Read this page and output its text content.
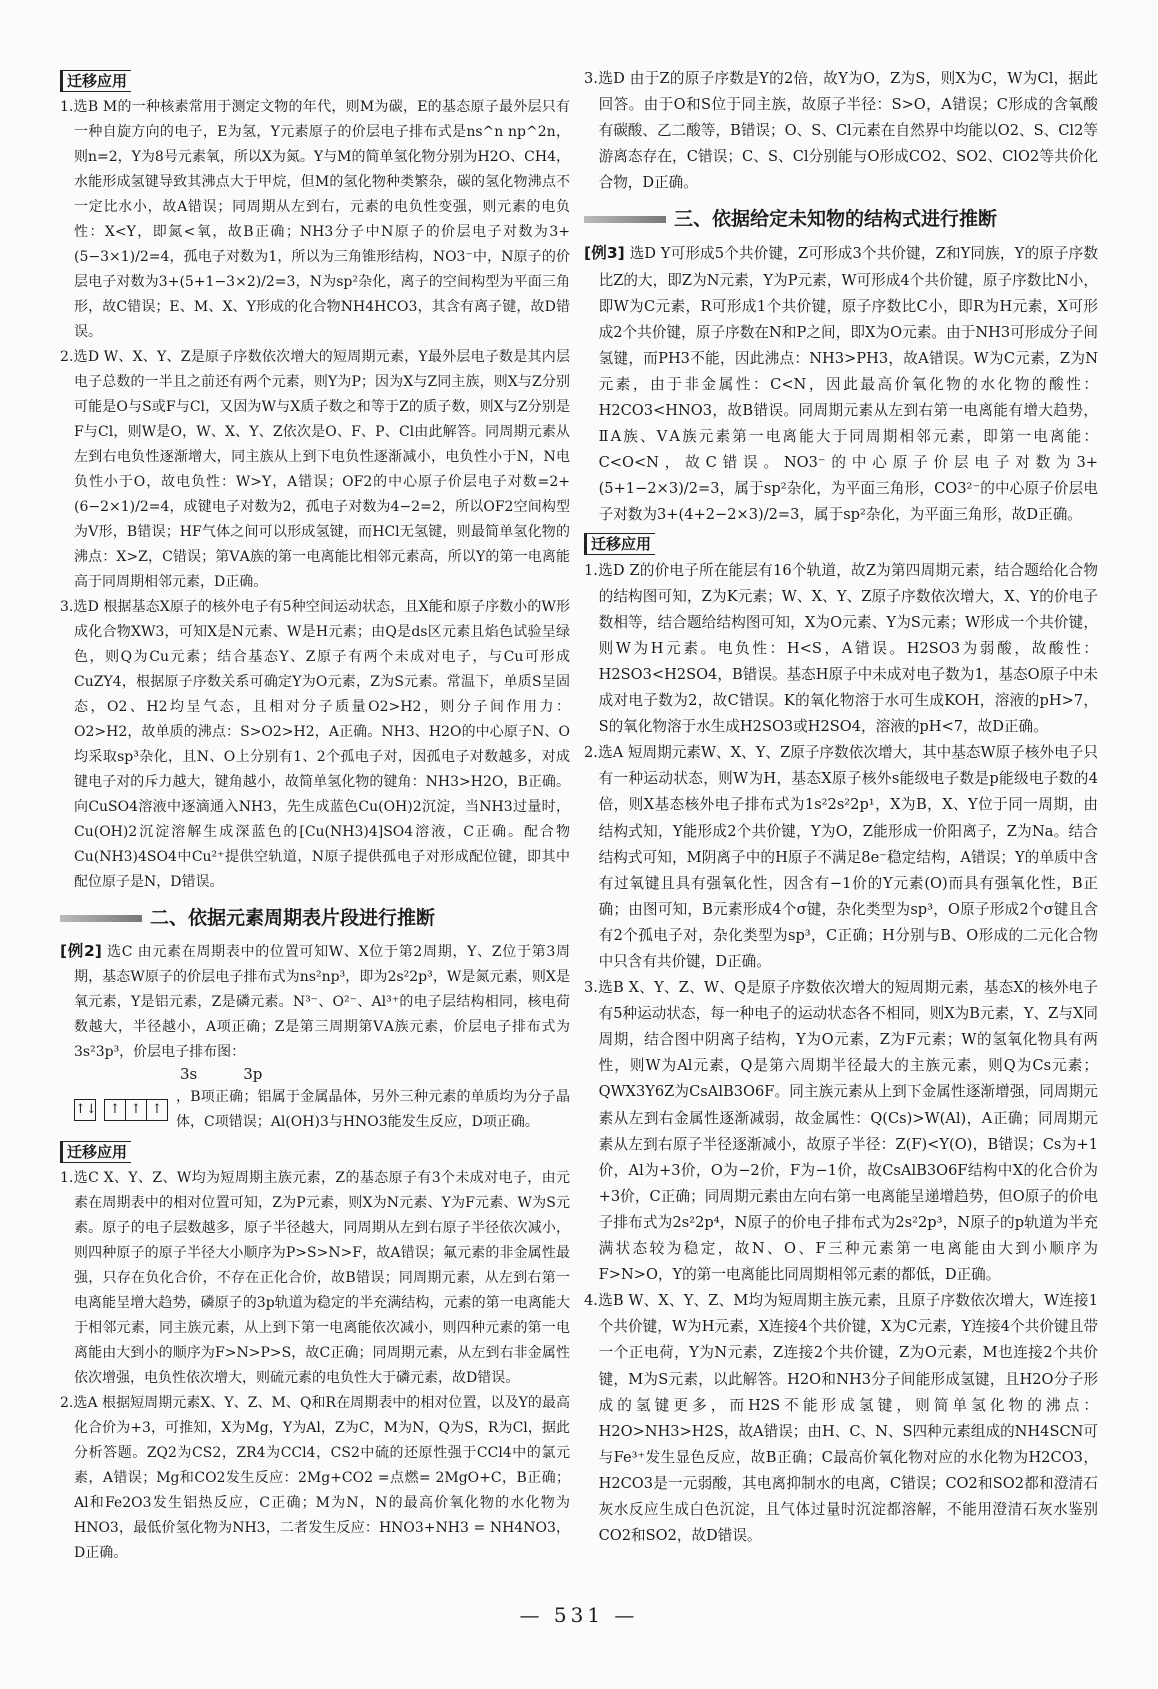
迁移应用

1.选B M的一种核素常用于测定文物的年代，则M为碳，E的基态原子最外层只有一种自旋方向的电子，E为氢，Y元素原子的价层电子排布式是ns^n np^2n，则n=2，Y为8号元素氧，所以X为氮。Y与M的简单氢化物分别为H2O、CH4，水能形成氢键导致其沸点大于甲烷，但M的氢化物种类繁杂，碳的氢化物沸点不一定比水小，故A错误；同周期从左到右，元素的电负性变强，则元素的电负性：X<Y，即氮<氧，故B正确；NH3分子中N原子的价层电子对数为3+(5−3×1)/2=4，孤电子对数为1，所以为三角锥形结构，NO3⁻中，N原子的价层电子对数为3+(5+1−3×2)/2=3，N为sp²杂化，离子的空间构型为平面三角形，故C错误；E、M、X、Y形成的化合物NH4HCO3，其含有离子键，故D错误。

2.选D W、X、Y、Z是原子序数依次增大的短周期元素，Y最外层电子数是其内层电子总数的一半且之前还有两个元素，则Y为P；因为X与Z同主族，则X与Z分别可能是O与S或F与Cl，又因为W与X质子数之和等于Z的质子数，则X与Z分别是F与Cl，则W是O，W、X、Y、Z依次是O、F、P、Cl由此解答。同周期元素从左到右电负性逐渐增大，同主族从上到下电负性逐渐减小，电负性小于N，N电负性小于O，故电负性：W>Y，A错误；OF2的中心原子价层电子对数=2+(6−2×1)/2=4，成键电子对数为2，孤电子对数为4−2=2，所以OF2空间构型为V形，B错误；HF气体之间可以形成氢键，而HCl无氢键，则最简单氢化物的沸点：X>Z，C错误；第ⅤA族的第一电离能比相邻元素高，所以Y的第一电离能高于同周期相邻元素，D正确。

3.选D 根据基态X原子的核外电子有5种空间运动状态，且X能和原子序数小的W形成化合物XW3，可知X是N元素、W是H元素；由Q是ds区元素且焰色试验呈绿色，则Q为Cu元素；结合基态Y、Z原子有两个未成对电子，与Cu可形成CuZY4，根据原子序数关系可确定Y为O元素，Z为S元素。常温下，单质S呈固态，O2、H2均呈气态，且相对分子质量O2>H2，则分子间作用力：O2>H2，故单质的沸点：S>O2>H2，A正确。NH3、H2O的中心原子N、O均采取sp³杂化，且N、O上分别有1、2个孤电子对，因孤电子对数越多，对成键电子对的斥力越大，键角越小，故简单氢化物的键角：NH3>H2O，B正确。向CuSO4溶液中逐滴通入NH3，先生成蓝色Cu(OH)2沉淀，当NH3过量时，Cu(OH)2沉淀溶解生成深蓝色的[Cu(NH3)4]SO4溶液，C正确。配合物Cu(NH3)4SO4中Cu²⁺提供空轨道，N原子提供孤电子对形成配位键，即其中配位原子是N，D错误。

二、依据元素周期表片段进行推断

[例2] 选C 由元素在周期表中的位置可知W、X位于第2周期，Y、Z位于第3周期，基态W原子的价层电子排布式为ns²np³，即为2s²2p³，W是氮元素，则X是氧元素，Y是铝元素，Z是磷元素。N³⁻、O²⁻、Al³⁺的电子层结构相同，核电荷数越大，半径越小，A项正确；Z是第三周期第ⅤA族元素，价层电子排布式为3s²3p³，价层电子排布图：

3s	3p
↑↓ ↑ ↑ ↑
，B项正确；铝属于金属晶体，另外三种元素的单质均为分子晶体，C项错误；Al(OH)3与HNO3能发生反应，D项正确。
迁移应用

1.选C X、Y、Z、W均为短周期主族元素，Z的基态原子有3个未成对电子，由元素在周期表中的相对位置可知，Z为P元素，则X为N元素、Y为F元素、W为S元素。原子的电子层数越多，原子半径越大，同周期从左到右原子半径依次减小，则四种原子的原子半径大小顺序为P>S>N>F，故A错误；氟元素的非金属性最强，只存在负化合价，不存在正化合价，故B错误；同周期元素，从左到右第一电离能呈增大趋势，磷原子的3p轨道为稳定的半充满结构，元素的第一电离能大于相邻元素，同主族元素，从上到下第一电离能依次减小，则四种元素的第一电离能由大到小的顺序为F>N>P>S，故C正确；同周期元素，从左到右非金属性依次增强，电负性依次增大，则硫元素的电负性大于磷元素，故D错误。

2.选A 根据短周期元素X、Y、Z、M、Q和R在周期表中的相对位置，以及Y的最高化合价为+3，可推知，X为Mg，Y为Al，Z为C，M为N，Q为S，R为Cl，据此分析答题。ZQ2为CS2，ZR4为CCl4，CS2中硫的还原性强于CCl4中的氯元素，A错误；Mg和CO2发生反应：2Mg+CO2 =点燃= 2MgO+C，B正确；Al和Fe2O3发生铝热反应，C正确；M为N，N的最高价氧化物的水化物为HNO3，最低价氢化物为NH3，二者发生反应：HNO3+NH3 = NH4NO3，D正确。

3.选D 由于Z的原子序数是Y的2倍，故Y为O，Z为S，则X为C，W为Cl，据此回答。由于O和S位于同主族，故原子半径：S>O，A错误；C形成的含氧酸有碳酸、乙二酸等，B错误；O、S、Cl元素在自然界中均能以O2、S、Cl2等游离态存在，C错误；C、S、Cl分别能与O形成CO2、SO2、ClO2等共价化合物，D正确。

三、依据给定未知物的结构式进行推断

[例3] 选D Y可形成5个共价键，Z可形成3个共价键，Z和Y同族，Y的原子序数比Z的大，即Z为N元素，Y为P元素，W可形成4个共价键，原子序数比N小，即W为C元素，R可形成1个共价键，原子序数比C小，即R为H元素，X可形成2个共价键，原子序数在N和P之间，即X为O元素。由于NH3可形成分子间氢键，而PH3不能，因此沸点：NH3>PH3，故A错误。W为C元素，Z为N元素，由于非金属性：C<N，因此最高价氧化物的水化物的酸性：H2CO3<HNO3，故B错误。同周期元素从左到右第一电离能有增大趋势，ⅡA族、ⅤA族元素第一电离能大于同周期相邻元素，即第一电离能：C<O<N，故C错误。NO3⁻的中心原子价层电子对数为3+(5+1−2×3)/2=3，属于sp²杂化，为平面三角形，CO3²⁻的中心原子价层电子对数为3+(4+2−2×3)/2=3，属于sp²杂化，为平面三角形，故D正确。

迁移应用

1.选D Z的价电子所在能层有16个轨道，故Z为第四周期元素，结合题给化合物的结构图可知，Z为K元素；W、X、Y、Z原子序数依次增大，X、Y的价电子数相等，结合题给结构图可知，X为O元素、Y为S元素；W形成一个共价键，则W为H元素。电负性：H<S，A错误。H2SO3为弱酸，故酸性：H2SO3<H2SO4，B错误。基态H原子中未成对电子数为1，基态O原子中未成对电子数为2，故C错误。K的氧化物溶于水可生成KOH，溶液的pH>7，S的氧化物溶于水生成H2SO3或H2SO4，溶液的pH<7，故D正确。

2.选A 短周期元素W、X、Y、Z原子序数依次增大，其中基态W原子核外电子只有一种运动状态，则W为H，基态X原子核外s能级电子数是p能级电子数的4倍，则X基态核外电子排布式为1s²2s²2p¹，X为B，X、Y位于同一周期，由结构式知，Y能形成2个共价键，Y为O，Z能形成一价阳离子，Z为Na。结合结构式可知，M阴离子中的H原子不满足8e⁻稳定结构，A错误；Y的单质中含有过氧键且具有强氧化性，因含有−1价的Y元素(O)而具有强氧化性，B正确；由图可知，B元素形成4个σ键，杂化类型为sp³，O原子形成2个σ键且含有2个孤电子对，杂化类型为sp³，C正确；H分别与B、O形成的二元化合物中只含有共价键，D正确。

3.选B X、Y、Z、W、Q是原子序数依次增大的短周期元素，基态X的核外电子有5种运动状态，每一种电子的运动状态各不相同，则X为B元素，Y、Z与X同周期，结合图中阴离子结构，Y为O元素，Z为F元素；W的氢氧化物具有两性，则W为Al元素，Q是第六周期半径最大的主族元素，则Q为Cs元素；QWX3Y6Z为CsAlB3O6F。同主族元素从上到下金属性逐渐增强，同周期元素从左到右金属性逐渐减弱，故金属性：Q(Cs)>W(Al)，A正确；同周期元素从左到右原子半径逐渐减小，故原子半径：Z(F)<Y(O)，B错误；Cs为+1价，Al为+3价，O为−2价，F为−1价，故CsAlB3O6F结构中X的化合价为+3价，C正确；同周期元素由左向右第一电离能呈递增趋势，但O原子的价电子排布式为2s²2p⁴，N原子的价电子排布式为2s²2p³，N原子的p轨道为半充满状态较为稳定，故N、O、F三种元素第一电离能由大到小顺序为F>N>O，Y的第一电离能比同周期相邻元素的都低，D正确。

4.选B W、X、Y、Z、M均为短周期主族元素，且原子序数依次增大，W连接1个共价键，W为H元素，X连接4个共价键，X为C元素，Y连接4个共价键且带一个正电荷，Y为N元素，Z连接2个共价键，Z为O元素，M也连接2个共价键，M为S元素，以此解答。H2O和NH3分子间能形成氢键，且H2O分子形成的氢键更多，而H2S不能形成氢键，则简单氢化物的沸点：H2O>NH3>H2S，故A错误；由H、C、N、S四种元素组成的NH4SCN可与Fe³⁺发生显色反应，故B正确；C最高价氧化物对应的水化物为H2CO3，H2CO3是一元弱酸，其电离抑制水的电离，C错误；CO2和SO2都和澄清石灰水反应生成白色沉淀，且气体过量时沉淀都溶解，不能用澄清石灰水鉴别CO2和SO2，故D错误。

— 531 —
